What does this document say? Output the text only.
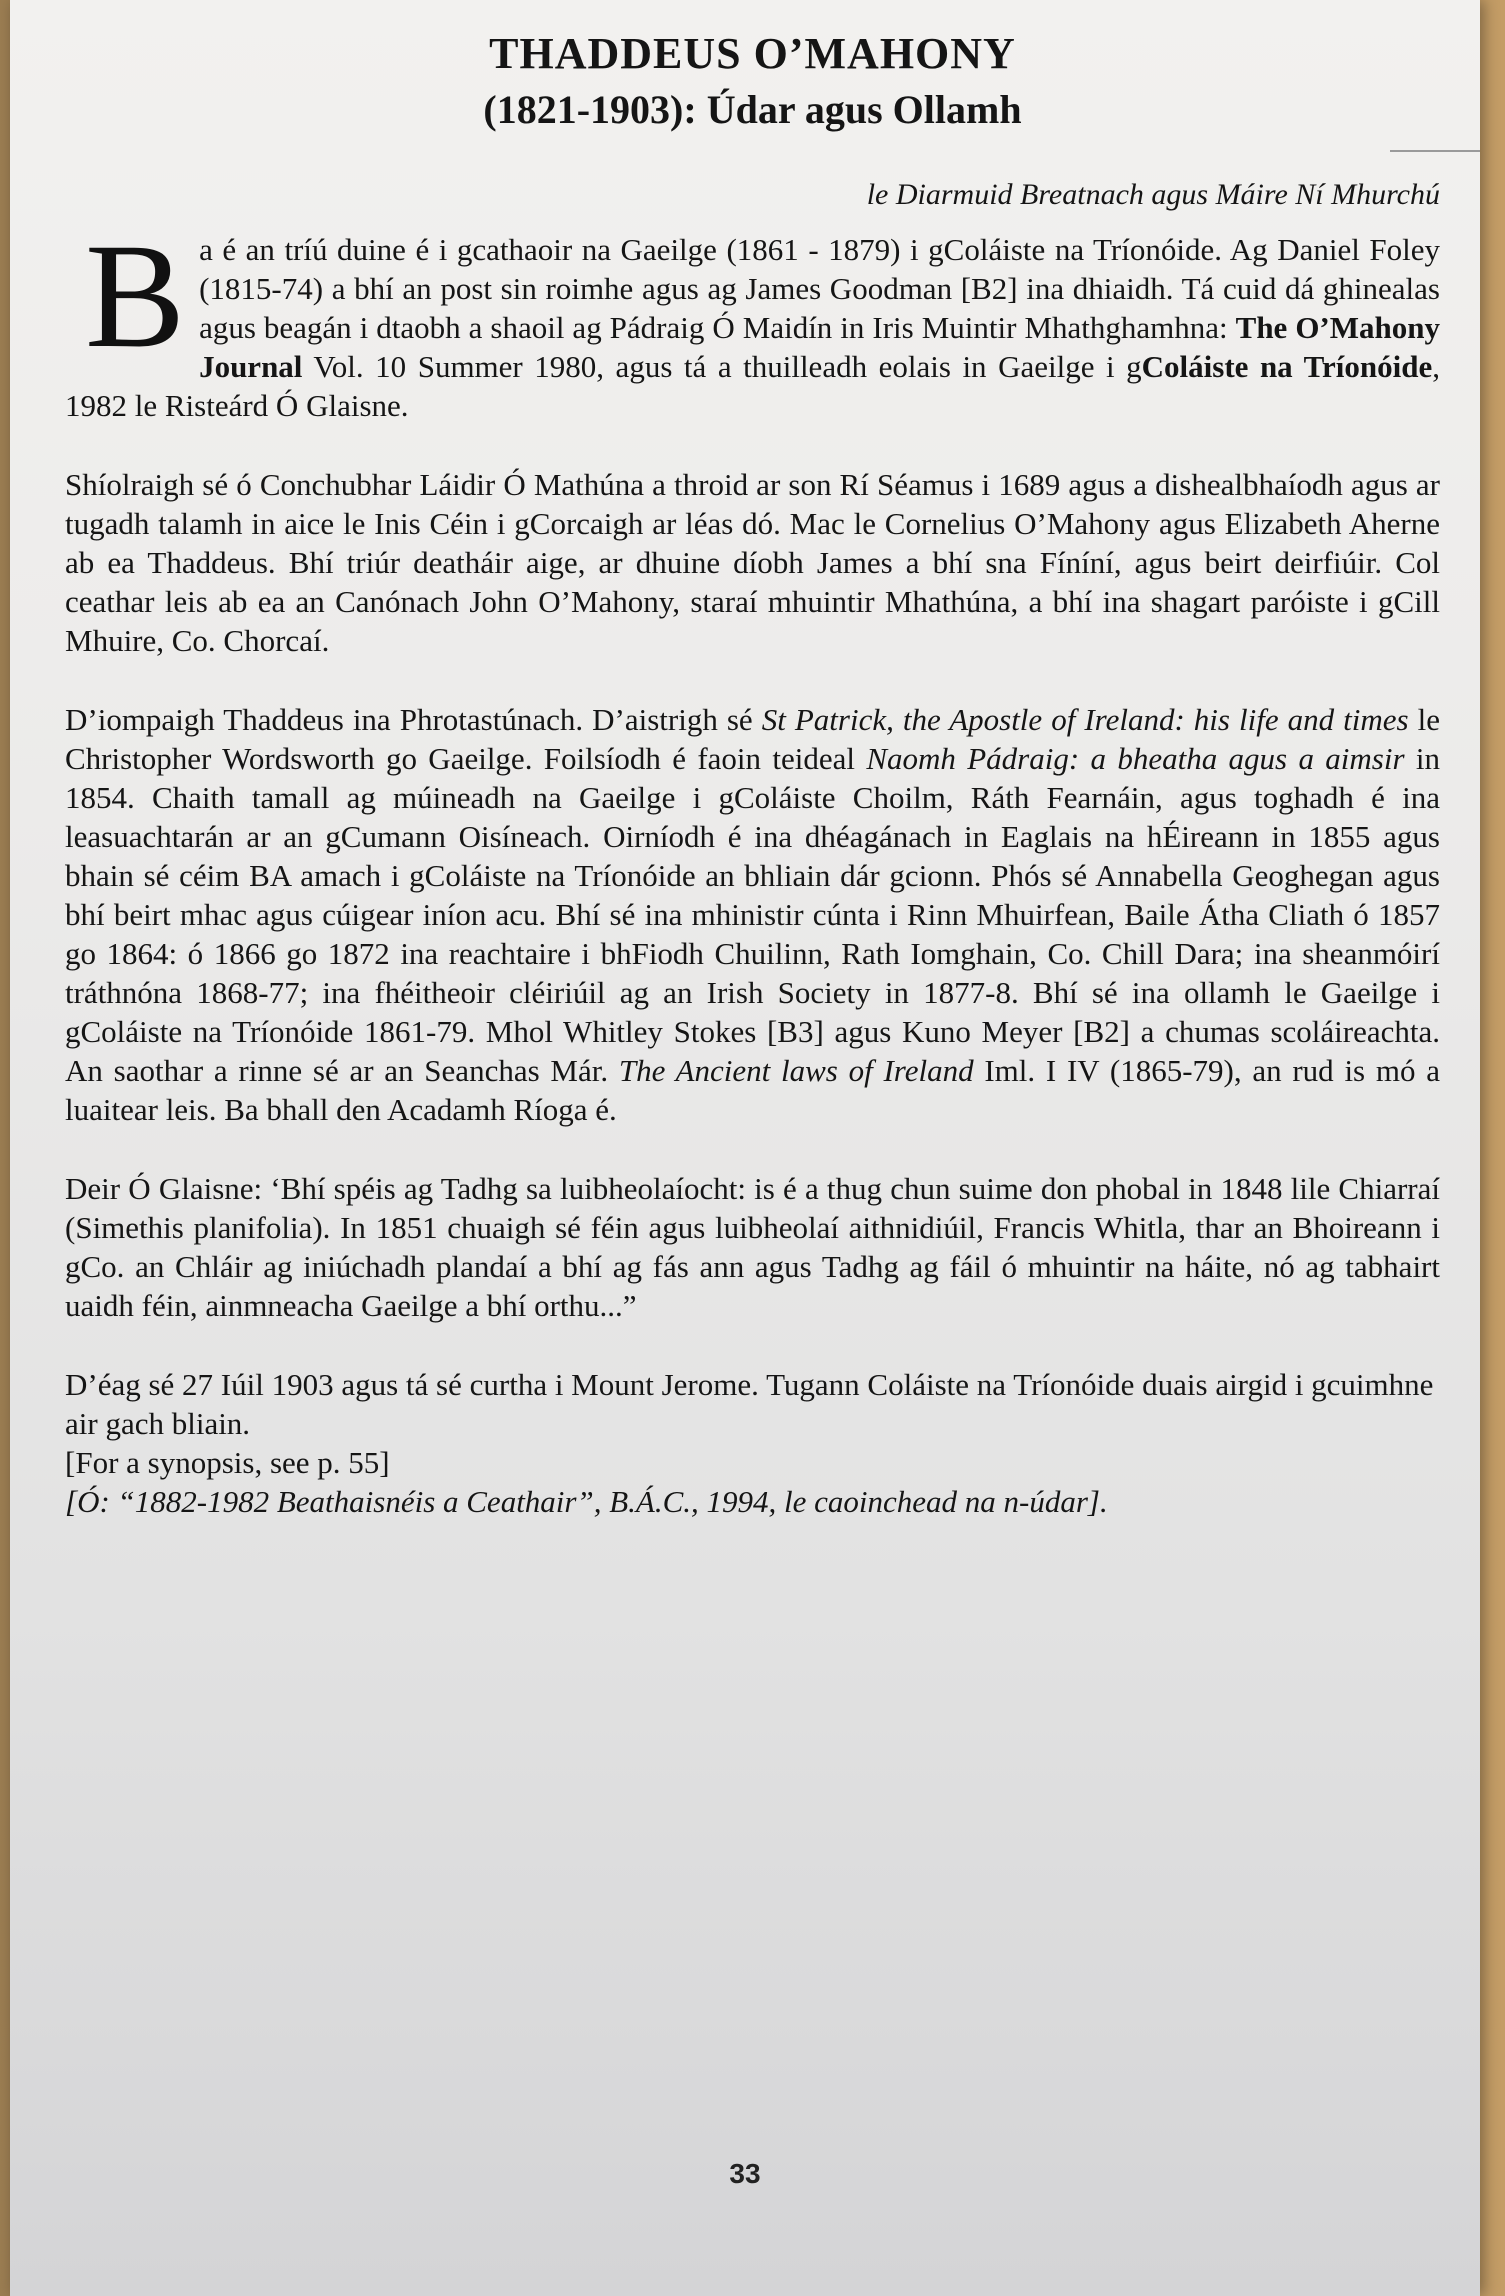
THADDEUS O’MAHONY
(1821-1903): Údar agus Ollamh
le Diarmuid Breatnach agus Máire Ní Mhurchú

Ba é an tríú duine é i gcathaoir na Gaeilge (1861 - 1879) i gColáiste na Tríonóide. Ag Daniel Foley (1815-74) a bhí an post sin roimhe agus ag James Goodman [B2] ina dhiaidh. Tá cuid dá ghinealas agus beagán i dtaobh a shaoil ag Pádraig Ó Maidín in Iris Muintir Mhathghamhna: The O’Mahony Journal Vol. 10 Summer 1980, agus tá a thuilleadh eolais in Gaeilge i gColáiste na Tríonóide, 1982 le Risteárd Ó Glaisne.

Shíolraigh sé ó Conchubhar Láidir Ó Mathúna a throid ar son Rí Séamus i 1689 agus a dishealbhaíodh agus ar tugadh talamh in aice le Inis Céin i gCorcaigh ar léas dó. Mac le Cornelius O’Mahony agus Elizabeth Aherne ab ea Thaddeus. Bhí triúr deatháir aige, ar dhuine díobh James a bhí sna Fíníní, agus beirt deirfiúir. Col ceathar leis ab ea an Canónach John O’Mahony, staraí mhuintir Mhathúna, a bhí ina shagart paróiste i gCill Mhuire, Co. Chorcaí.

D’iompaigh Thaddeus ina Phrotastúnach. D’aistrigh sé St Patrick, the Apostle of Ireland: his life and times le Christopher Wordsworth go Gaeilge. Foilsíodh é faoin teideal Naomh Pádraig: a bheatha agus a aimsir in 1854. Chaith tamall ag múineadh na Gaeilge i gColáiste Choilm, Ráth Fearnáin, agus toghadh é ina leasuachtarán ar an gCumann Oisíneach. Oirníodh é ina dhéagánach in Eaglais na hÉireann in 1855 agus bhain sé céim BA amach i gColáiste na Tríonóide an bhliain dár gcionn. Phós sé Annabella Geoghegan agus bhí beirt mhac agus cúigear iníon acu. Bhí sé ina mhinistir cúnta i Rinn Mhuirfean, Baile Átha Cliath ó 1857 go 1864: ó 1866 go 1872 ina reachtaire i bhFiodh Chuilinn, Rath Iomghain, Co. Chill Dara; ina sheanmóirí tráthnóna 1868-77; ina fhéitheoir cléiriúil ag an Irish Society in 1877-8. Bhí sé ina ollamh le Gaeilge i gColáiste na Tríonóide 1861-79. Mhol Whitley Stokes [B3] agus Kuno Meyer [B2] a chumas scoláireachta. An saothar a rinne sé ar an Seanchas Már. The Ancient laws of Ireland Iml. I IV (1865-79), an rud is mó a luaitear leis. Ba bhall den Acadamh Ríoga é.

Deir Ó Glaisne: ‘Bhí spéis ag Tadhg sa luibheolaíocht: is é a thug chun suime don phobal in 1848 lile Chiarraí (Simethis planifolia). In 1851 chuaigh sé féin agus luibheolaí aithnidiúil, Francis Whitla, thar an Bhoireann i gCo. an Chláir ag iniúchadh plandaí a bhí ag fás ann agus Tadhg ag fáil ó mhuintir na háite, nó ag tabhairt uaidh féin, ainmneacha Gaeilge a bhí orthu...”

D’éag sé 27 Iúil 1903 agus tá sé curtha i Mount Jerome. Tugann Coláiste na Tríonóide duais airgid i gcuimhne air gach bliain.

[For a synopsis, see p. 55]

[Ó: “1882-1982 Beathaisnéis a Ceathair”, B.Á.C., 1994, le caoinchead na n-údar].

33
